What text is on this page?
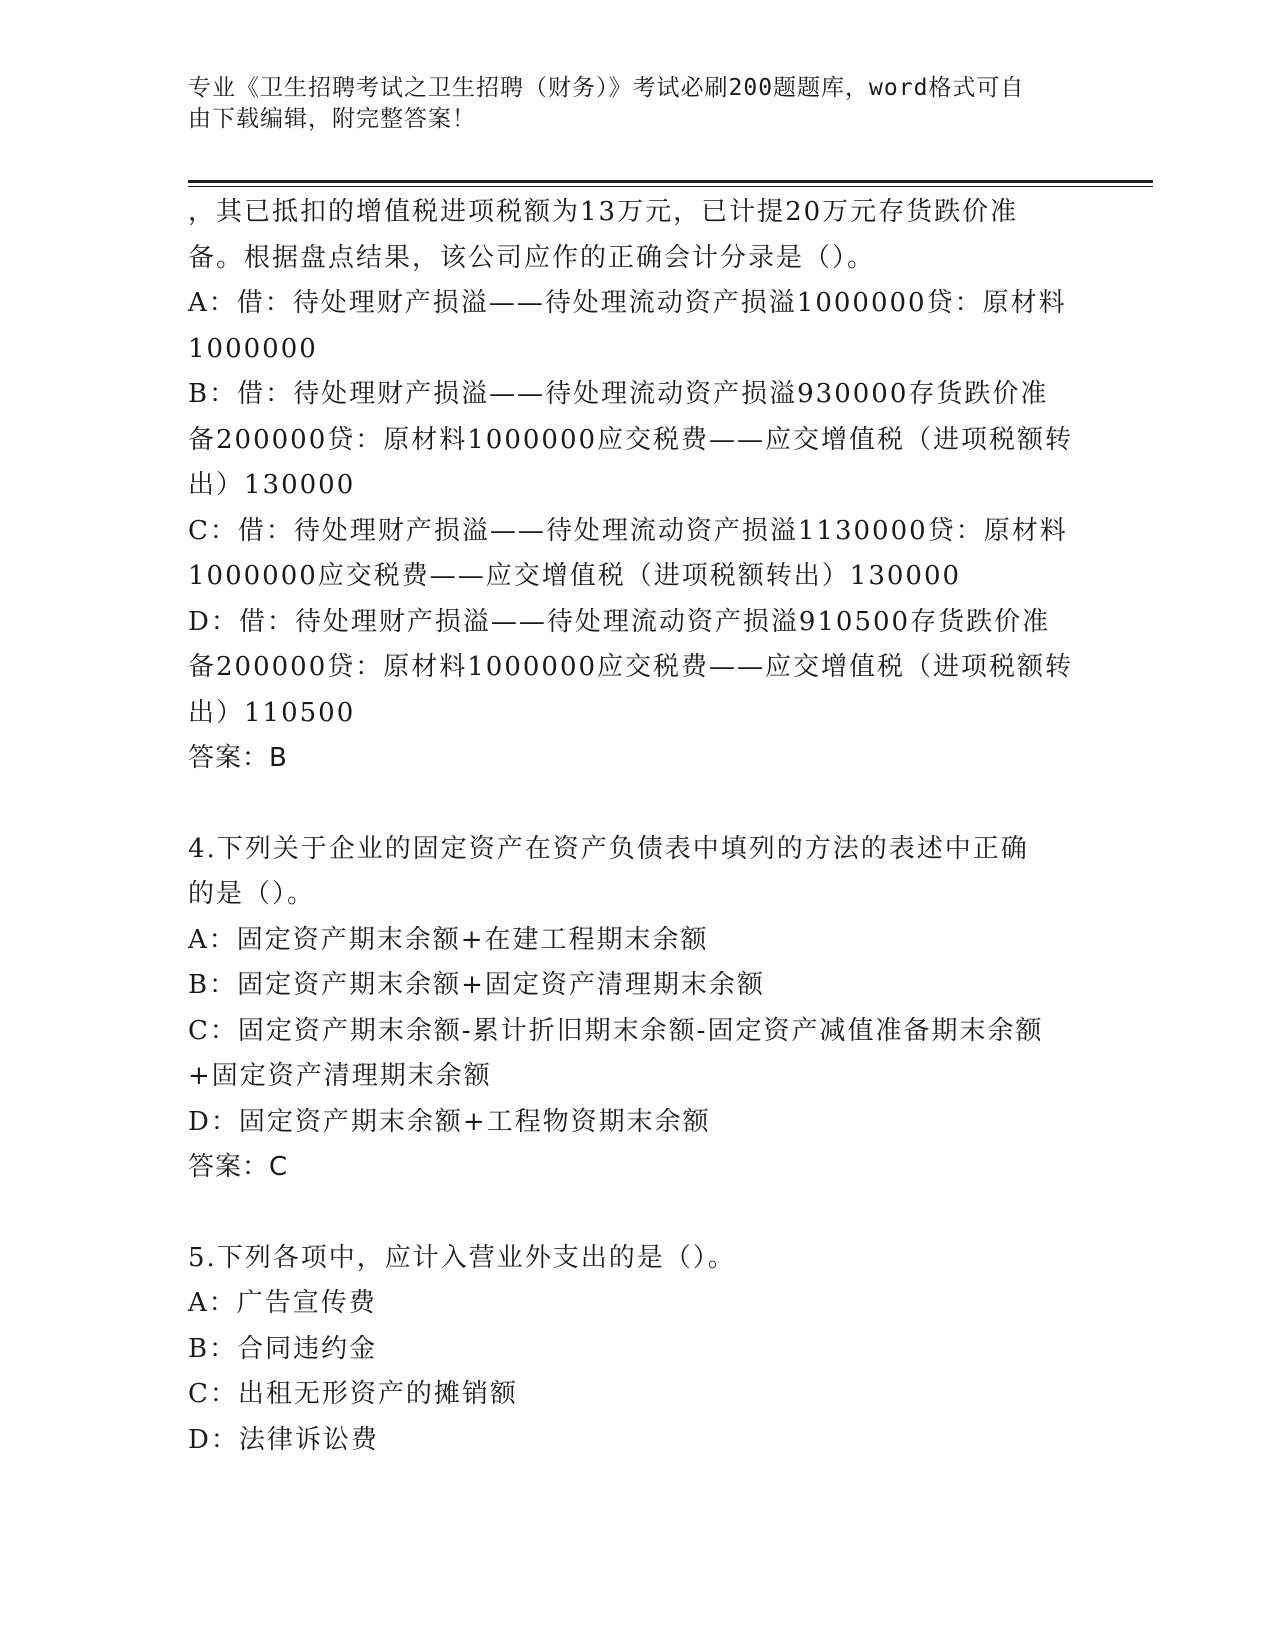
专业《卫生招聘考试之卫生招聘（财务）》考试必刷200题题库，word格式可自
由下载编辑，附完整答案！
，其已抵扣的增值税进项税额为13万元，已计提20万元存货跌价准
备。根据盘点结果，该公司应作的正确会计分录是（）。
A：借：待处理财产损溢——待处理流动资产损溢1000000贷：原材料
1000000
B：借：待处理财产损溢——待处理流动资产损溢930000存货跌价准
备200000贷：原材料1000000应交税费——应交增值税（进项税额转
出）130000
C：借：待处理财产损溢——待处理流动资产损溢1130000贷：原材料
1000000应交税费——应交增值税（进项税额转出）130000
D：借：待处理财产损溢——待处理流动资产损溢910500存货跌价准
备200000贷：原材料1000000应交税费——应交增值税（进项税额转
出）110500
答案：B
4.下列关于企业的固定资产在资产负债表中填列的方法的表述中正确
的是（）。
A：固定资产期末余额+在建工程期末余额
B：固定资产期末余额+固定资产清理期末余额
C：固定资产期末余额-累计折旧期末余额-固定资产减值准备期末余额
+固定资产清理期末余额
D：固定资产期末余额+工程物资期末余额
答案：C
5.下列各项中，应计入营业外支出的是（）。
A：广告宣传费
B：合同违约金
C：出租无形资产的摊销额
D：法律诉讼费
